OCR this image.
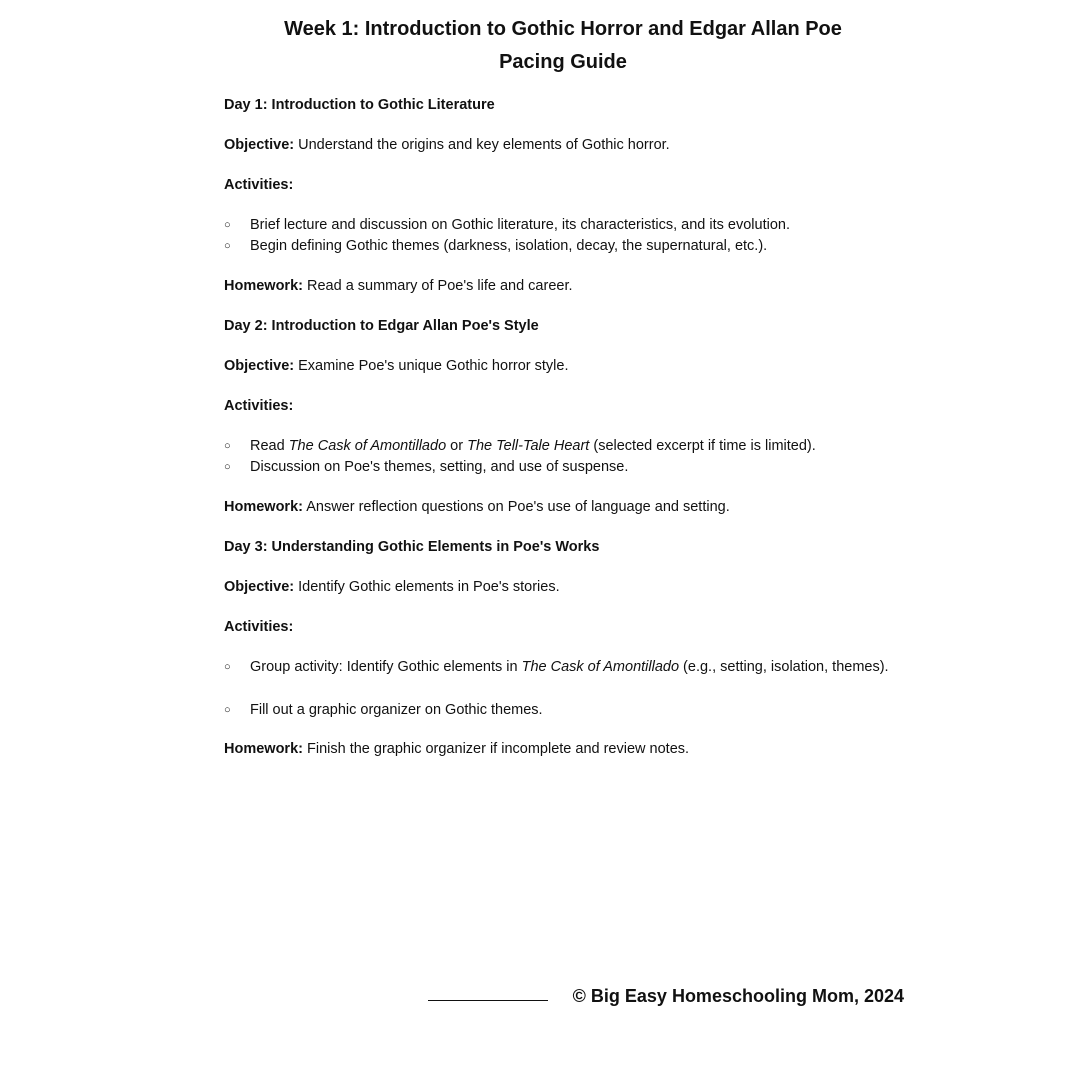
Week 1: Introduction to Gothic Horror and Edgar Allan Poe
Pacing Guide
Day 1: Introduction to Gothic Literature
Objective: Understand the origins and key elements of Gothic horror.
Activities:
○	Brief lecture and discussion on Gothic literature, its characteristics, and its evolution.
○	Begin defining Gothic themes (darkness, isolation, decay, the supernatural, etc.).
Homework: Read a summary of Poe's life and career.
Day 2: Introduction to Edgar Allan Poe's Style
Objective: Examine Poe's unique Gothic horror style.
Activities:
○	Read The Cask of Amontillado or The Tell-Tale Heart (selected excerpt if time is limited).
○	Discussion on Poe's themes, setting, and use of suspense.
Homework: Answer reflection questions on Poe's use of language and setting.
Day 3: Understanding Gothic Elements in Poe's Works
Objective: Identify Gothic elements in Poe's stories.
Activities:
○	Group activity: Identify Gothic elements in The Cask of Amontillado (e.g., setting, isolation, themes).
○	Fill out a graphic organizer on Gothic themes.
Homework: Finish the graphic organizer if incomplete and review notes.
© Big Easy Homeschooling Mom, 2024
